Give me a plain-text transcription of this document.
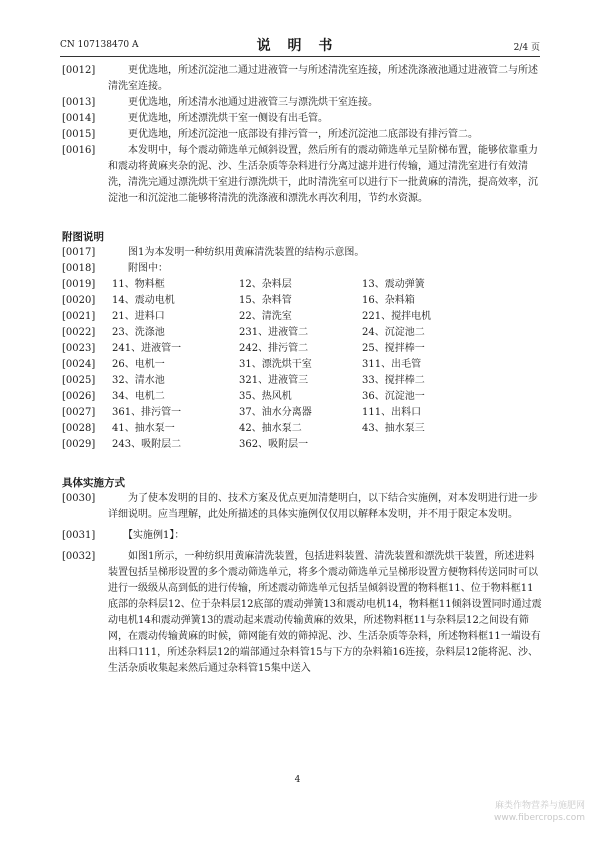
CN 107138470 A	说 明 书	2/4 页

[0012] 　　更优选地，所述沉淀池二通过进液管一与所述清洗室连接，所述洗涤液池通过进液管二与所述清洗室连接。

[0013] 　　更优选地，所述清水池通过进液管三与漂洗烘干室连接。

[0014] 　　更优选地，所述漂洗烘干室一侧设有出毛管。

[0015] 　　更优选地，所述沉淀池一底部设有排污管一，所述沉淀池二底部设有排污管二。

[0016] 　　本发明中，每个震动筛选单元倾斜设置，然后所有的震动筛选单元呈阶梯布置，能够依靠重力和震动将黄麻夹杂的泥、沙、生活杂质等杂料进行分离过滤并进行传输，通过清洗室进行有效清洗，清洗完通过漂洗烘干室进行漂洗烘干，此时清洗室可以进行下一批黄麻的清洗，提高效率，沉淀池一和沉淀池二能够将清洗的洗涤液和漂洗水再次利用，节约水资源。

附图说明

[0017] 　　图1为本发明一种纺织用黄麻清洗装置的结构示意图。

[0018] 　　附图中：

[0019] 11、物料框	12、杂料层	13、震动弹簧
[0020] 14、震动电机	15、杂料管	16、杂料箱
[0021] 21、进料口	22、清洗室	221、搅拌电机
[0022] 23、洗涤池	231、进液管二	24、沉淀池二
[0023] 241、进液管一	242、排污管二	25、搅拌棒一
[0024] 26、电机一	31、漂洗烘干室	311、出毛管
[0025] 32、清水池	321、进液管三	33、搅拌棒二
[0026] 34、电机二	35、热风机	36、沉淀池一
[0027] 361、排污管一	37、油水分离器	111、出料口
[0028] 41、抽水泵一	42、抽水泵二	43、抽水泵三
[0029] 243、吸附层二	362、吸附层一
具体实施方式

[0030] 　　为了使本发明的目的、技术方案及优点更加清楚明白，以下结合实施例，对本发明进行进一步详细说明。应当理解，此处所描述的具体实施例仅仅用以解释本发明，并不用于限定本发明。

[0031] 　　【实施例1】：

[0032] 　　如图1所示，一种纺织用黄麻清洗装置，包括进料装置、清洗装置和漂洗烘干装置，所述进料装置包括呈梯形设置的多个震动筛选单元，将多个震动筛选单元呈梯形设置方便物料传送同时可以进行一级级从高到低的进行传输，所述震动筛选单元包括呈倾斜设置的物料框11、位于物料框11底部的杂料层12、位于杂料层12底部的震动弹簧13和震动电机14，物料框11倾斜设置同时通过震动电机14和震动弹簧13的震动起来震动传输黄麻的效果，所述物料框11与杂料层12之间设有筛网，在震动传输黄麻的时候，筛网能有效的筛掉泥、沙、生活杂质等杂料，所述物料框11一端设有出料口111，所述杂料层12的端部通过杂料管15与下方的杂料箱16连接，杂料层12能将泥、沙、生活杂质收集起来然后通过杂料管15集中送入

4
麻类作物营养与施肥网
www.fibercrops.com
